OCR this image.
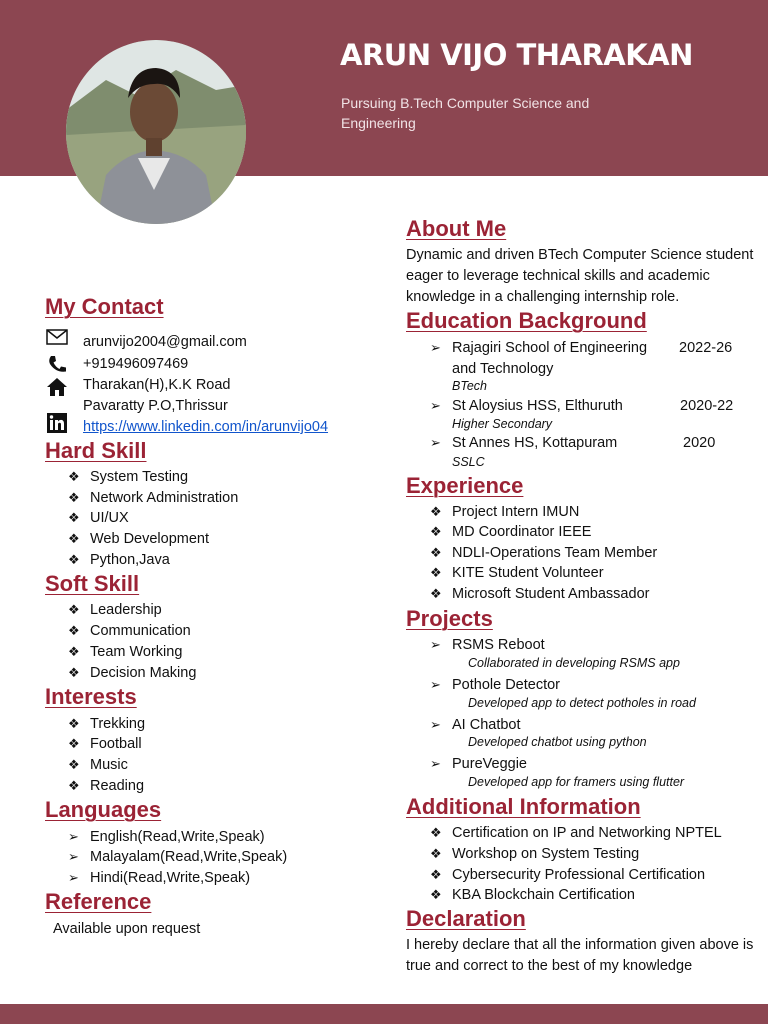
ARUN VIJO THARAKAN
Pursuing B.Tech Computer Science and Engineering
My Contact
arunvijo2004@gmail.com
+919496097469
Tharakan(H),K.K Road
Pavaratty P.O,Thrissur
https://www.linkedin.com/in/arunvijo04
Hard Skill
❖ System Testing
❖ Network Administration
❖ UI/UX
❖ Web Development
❖ Python,Java
Soft Skill
❖ Leadership
❖ Communication
❖ Team Working
❖ Decision Making
Interests
❖ Trekking
❖ Football
❖ Music
❖ Reading
Languages
➢ English(Read,Write,Speak)
➢ Malayalam(Read,Write,Speak)
➢ Hindi(Read,Write,Speak)
Reference
Available upon request
About Me
Dynamic and driven BTech Computer Science student eager to leverage technical skills and academic knowledge in a challenging internship role.
Education Background
➢ Rajagiri School of Engineering 2022-26
and Technology
BTech
➢ St Aloysius HSS, Elthuruth	2020-22
Higher Secondary
➢ St Annes HS, Kottapuram	2020
SSLC
Experience
❖ Project Intern IMUN
❖ MD Coordinator IEEE
❖ NDLI-Operations Team Member
❖ KITE Student Volunteer
❖ Microsoft Student Ambassador
Projects
➢ RSMS Reboot
Collaborated in developing RSMS app
➢ Pothole Detector
Developed app to detect potholes in road
➢ AI Chatbot
Developed chatbot using python
➢ PureVeggie
Developed app for framers using flutter
Additional Information
❖ Certification on IP and Networking NPTEL
❖ Workshop on System Testing
❖ Cybersecurity Professional Certification
❖ KBA Blockchain Certification
Declaration
I hereby declare that all the information given above is true and correct to the best of my knowledge
